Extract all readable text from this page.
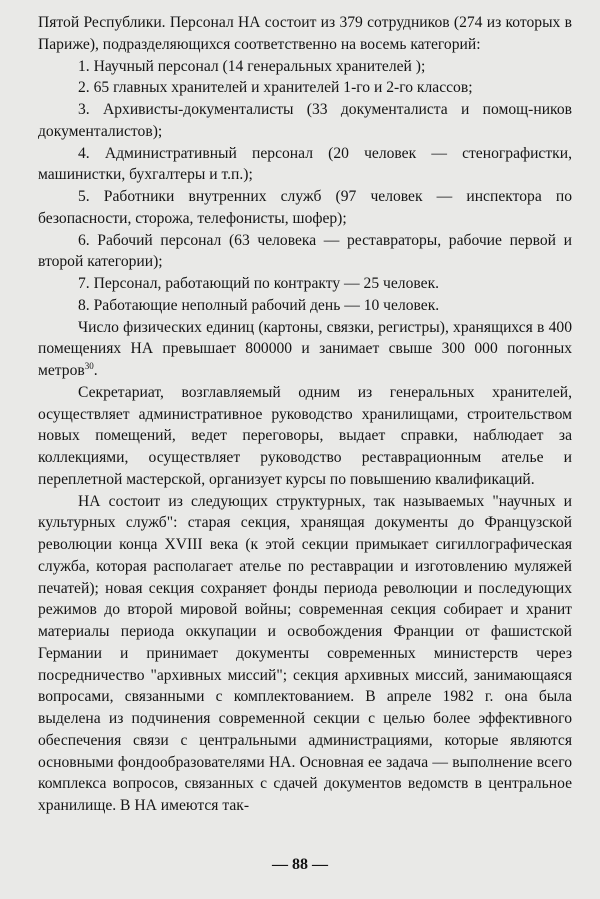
Пятой Республики. Персонал НА состоит из 379 сотрудников (274 из которых в Париже), подразделяющихся соответственно на восемь категорий:

1. Научный персонал (14 генеральных хранителей );

2. 65 главных хранителей и хранителей 1-го и 2-го классов;

3. Архивисты-документалисты (33 документалиста и помощ-ников документалистов);

4. Административный персонал (20 человек — стенографистки, машинистки, бухгалтеры и т.п.);

5. Работники внутренних служб (97 человек — инспектора по безопасности, сторожа, телефонисты, шофер);

6. Рабочий персонал (63 человека — реставраторы, рабочие первой и второй категории);

7. Персонал, работающий по контракту — 25 человек.

8. Работающие неполный рабочий день — 10 человек.

Число физических единиц (картоны, связки, регистры), хранящихся в 400 помещениях НА превышает 800000 и занимает свыше 300 000 погонных метров$^{30}$.

Секретариат, возглавляемый одним из генеральных хранителей, осуществляет административное руководство хранилищами, строительством новых помещений, ведет переговоры, выдает справки, наблюдает за коллекциями, осуществляет руководство реставрационным ателье и переплетной мастерской, организует курсы по повышению квалификаций.

НА состоит из следующих структурных, так называемых "научных и культурных служб": старая секция, хранящая документы до Французской революции конца XVIII века (к этой секции примыкает сигиллографическая служба, которая располагает ателье по реставрации и изготовлению муляжей печатей); новая секция сохраняет фонды периода революции и последующих режимов до второй мировой войны; современная секция собирает и хранит материалы периода оккупации и освобождения Франции от фашистской Германии и принимает документы современных министерств через посредничество "архивных миссий"; секция архивных миссий, занимающаяся вопросами, связанными с комплектованием. В апреле 1982 г. она была выделена из подчинения современной секции с целью более эффективного обеспечения связи с центральными администрациями, которые являются основными фондообразователями НА. Основная ее задача — выполнение всего комплекса вопросов, связанных с сдачей документов ведомств в центральное хранилище. В НА имеются так-

— 88 —
